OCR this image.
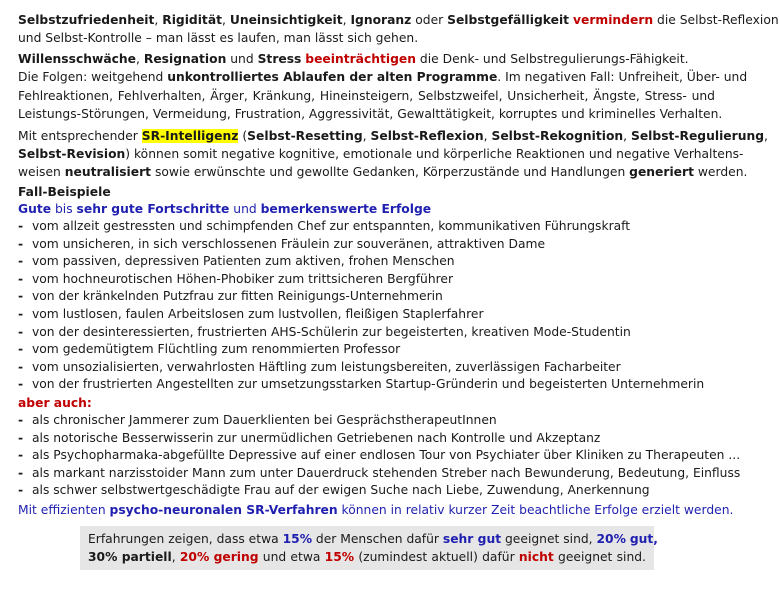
Selbstzufriedenheit, Rigidität, Uneinsichtigkeit, Ignoranz oder Selbstgefälligkeit vermindern die Selbst-Reflexion
und Selbst-Kontrolle – man lässt es laufen, man lässt sich gehen.
Willensschwäche, Resignation und Stress beeinträchtigen die Denk- und Selbstregulierungs-Fähigkeit.
Die Folgen: weitgehend unkontrolliertes Ablaufen der alten Programme. Im negativen Fall: Unfreiheit, Über- und
Fehlreaktionen, Fehlverhalten, Ärger, Kränkung, Hineinsteigern, Selbstzweifel, Unsicherheit, Ängste, Stress- und
Leistungs-Störungen, Vermeidung, Frustration, Aggressivität, Gewalttätigkeit, korruptes und kriminelles Verhalten.
Mit entsprechender SR-Intelligenz (Selbst-Resetting, Selbst-Reflexion, Selbst-Rekognition, Selbst-Regulierung,
Selbst-Revision) können somit negative kognitive, emotionale und körperliche Reaktionen und negative Verhaltens-
weisen neutralisiert sowie erwünschte und gewollte Gedanken, Körperzustände und Handlungen generiert werden.
Fall-Beispiele
Gute bis sehr gute Fortschritte und bemerkenswerte Erfolge
- vom allzeit gestressten und schimpfenden Chef zur entspannten, kommunikativen Führungskraft
- vom unsicheren, in sich verschlossenen Fräulein zur souveränen, attraktiven Dame
- vom passiven, depressiven Patienten zum aktiven, frohen Menschen
- vom hochneurotischen Höhen-Phobiker zum trittsicheren Bergführer
- von der kränkelnden Putzfrau zur fitten Reinigungs-Unternehmerin
- vom lustlosen, faulen Arbeitslosen zum lustvollen, fleißigen Staplerfahrer
- von der desinteressierten, frustrierten AHS-Schülerin zur begeisterten, kreativen Mode-Studentin
- vom gedemütigtem Flüchtling zum renommierten Professor
- vom unsozialisierten, verwahrlosten Häftling zum leistungsbereiten, zuverlässigen Facharbeiter
- von der frustrierten Angestellten zur umsetzungsstarken Startup-Gründerin und begeisterten Unternehmerin
aber auch:
- als chronischer Jammerer zum Dauerklienten bei GesprächstherapeutInnen
- als notorische Besserwisserin zur unermüdlichen Getriebenen nach Kontrolle und Akzeptanz
- als Psychopharmaka-abgefüllte Depressive auf einer endlosen Tour von Psychiater über Kliniken zu Therapeuten ...
- als markant narzisstoider Mann zum unter Dauerdruck stehenden Streber nach Bewunderung, Bedeutung, Einfluss
- als schwer selbstwertgeschädigte Frau auf der ewigen Suche nach Liebe, Zuwendung, Anerkennung
Mit effizienten psycho-neuronalen SR-Verfahren können in relativ kurzer Zeit beachtliche Erfolge erzielt werden.
Erfahrungen zeigen, dass etwa 15% der Menschen dafür sehr gut geeignet sind, 20% gut,
30% partiell, 20% gering und etwa 15% (zumindest aktuell) dafür nicht geeignet sind.
